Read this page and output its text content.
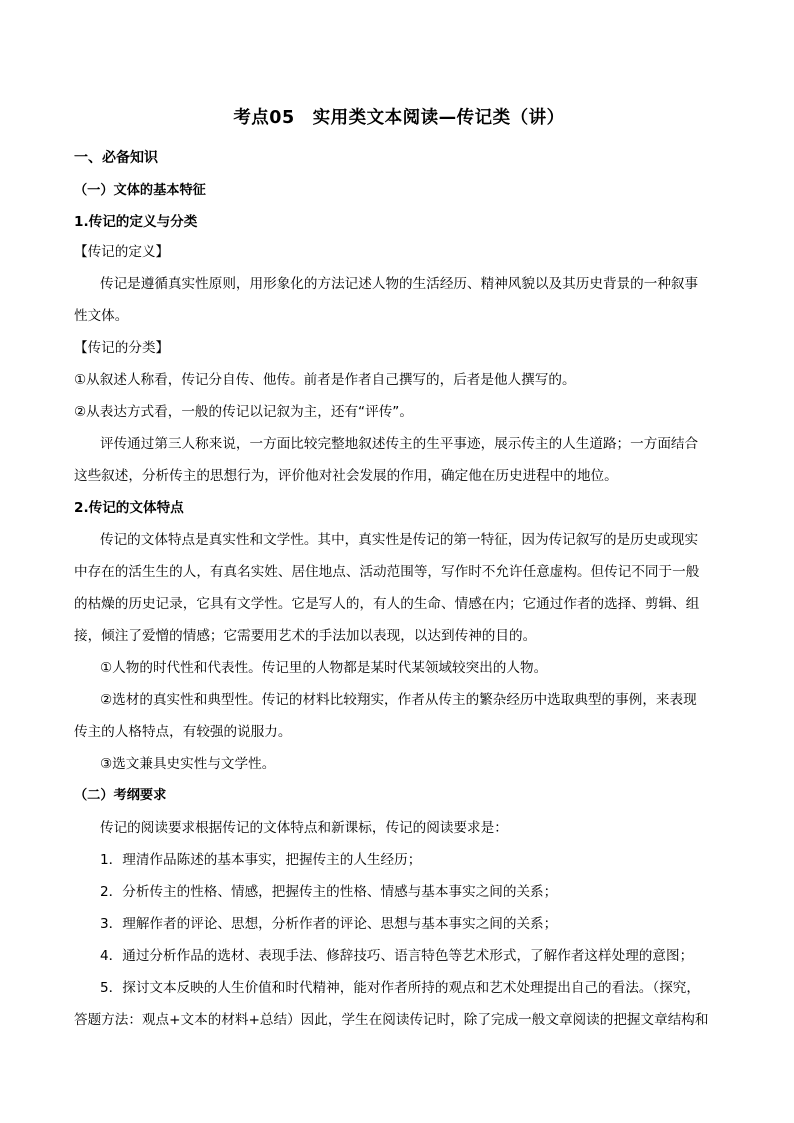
考点05　实用类文本阅读—传记类（讲）
一、必备知识
（一）文体的基本特征
1.传记的定义与分类
【传记的定义】
传记是遵循真实性原则，用形象化的方法记述人物的生活经历、精神风貌以及其历史背景的一种叙事
性文体。
【传记的分类】
①从叙述人称看，传记分自传、他传。前者是作者自己撰写的，后者是他人撰写的。
②从表达方式看，一般的传记以记叙为主，还有“评传”。
评传通过第三人称来说，一方面比较完整地叙述传主的生平事迹，展示传主的人生道路；一方面结合
这些叙述，分析传主的思想行为，评价他对社会发展的作用，确定他在历史进程中的地位。
2.传记的文体特点
传记的文体特点是真实性和文学性。其中，真实性是传记的第一特征，因为传记叙写的是历史或现实
中存在的活生生的人，有真名实姓、居住地点、活动范围等，写作时不允许任意虚构。但传记不同于一般
的枯燥的历史记录，它具有文学性。它是写人的，有人的生命、情感在内；它通过作者的选择、剪辑、组
接，倾注了爱憎的情感；它需要用艺术的手法加以表现，以达到传神的目的。
①人物的时代性和代表性。传记里的人物都是某时代某领域较突出的人物。
②选材的真实性和典型性。传记的材料比较翔实，作者从传主的繁杂经历中选取典型的事例，来表现
传主的人格特点，有较强的说服力。
③选文兼具史实性与文学性。
（二）考纲要求
传记的阅读要求根据传记的文体特点和新课标，传记的阅读要求是：
1．理清作品陈述的基本事实，把握传主的人生经历；
2．分析传主的性格、情感，把握传主的性格、情感与基本事实之间的关系；
3．理解作者的评论、思想，分析作者的评论、思想与基本事实之间的关系；
4．通过分析作品的选材、表现手法、修辞技巧、语言特色等艺术形式，了解作者这样处理的意图；
5．探讨文本反映的人生价值和时代精神，能对作者所持的观点和艺术处理提出自己的看法。（探究，
答题方法：观点+文本的材料+总结）因此，学生在阅读传记时，除了完成一般文章阅读的把握文章结构和
